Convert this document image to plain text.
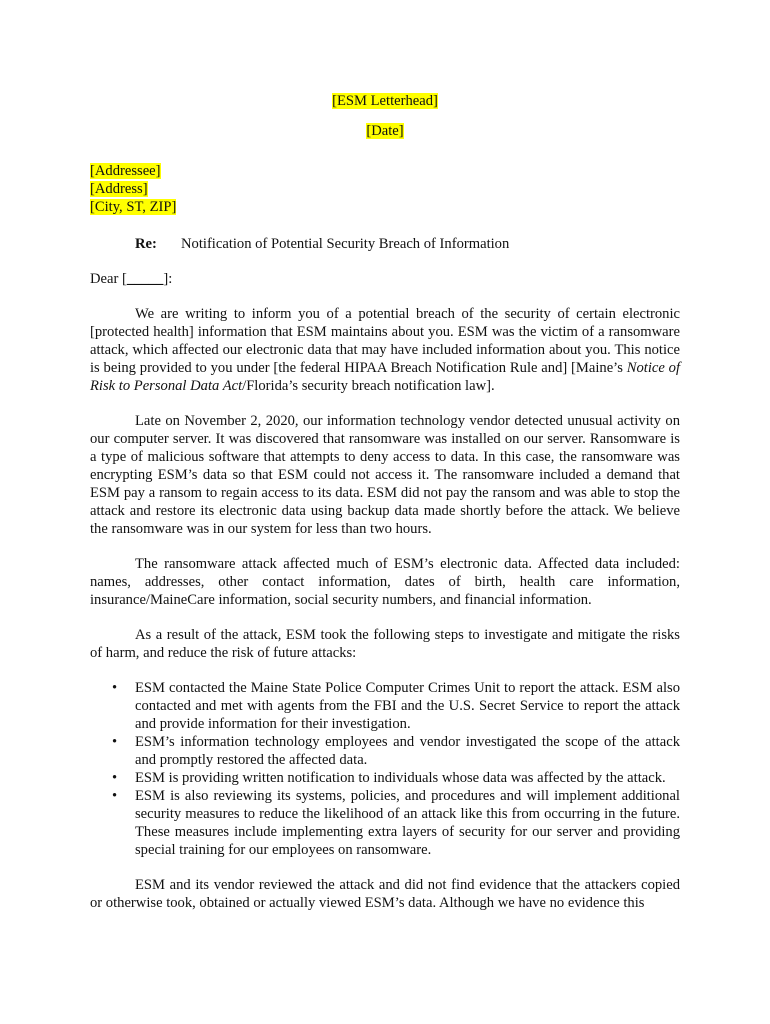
[ESM Letterhead]
[Date]
[Addressee]
[Address]
[City, ST, ZIP]
Re:	Notification of Potential Security Breach of Information
Dear [_____]:

We are writing to inform you of a potential breach of the security of certain electronic [protected health] information that ESM maintains about you. ESM was the victim of a ransomware attack, which affected our electronic data that may have included information about you. This notice is being provided to you under [the federal HIPAA Breach Notification Rule and] [Maine’s Notice of Risk to Personal Data Act/Florida’s security breach notification law].

Late on November 2, 2020, our information technology vendor detected unusual activity on our computer server. It was discovered that ransomware was installed on our server. Ransomware is a type of malicious software that attempts to deny access to data. In this case, the ransomware was encrypting ESM’s data so that ESM could not access it. The ransomware included a demand that ESM pay a ransom to regain access to its data. ESM did not pay the ransom and was able to stop the attack and restore its electronic data using backup data made shortly before the attack. We believe the ransomware was in our system for less than two hours.

The ransomware attack affected much of ESM’s electronic data. Affected data included: names, addresses, other contact information, dates of birth, health care information, insurance/MaineCare information, social security numbers, and financial information.

As a result of the attack, ESM took the following steps to investigate and mitigate the risks of harm, and reduce the risk of future attacks:

• ESM contacted the Maine State Police Computer Crimes Unit to report the attack. ESM also contacted and met with agents from the FBI and the U.S. Secret Service to report the attack and provide information for their investigation.
• ESM’s information technology employees and vendor investigated the scope of the attack and promptly restored the affected data.
• ESM is providing written notification to individuals whose data was affected by the attack.
• ESM is also reviewing its systems, policies, and procedures and will implement additional security measures to reduce the likelihood of an attack like this from occurring in the future. These measures include implementing extra layers of security for our server and providing special training for our employees on ransomware.

ESM and its vendor reviewed the attack and did not find evidence that the attackers copied or otherwise took, obtained or actually viewed ESM’s data. Although we have no evidence this
